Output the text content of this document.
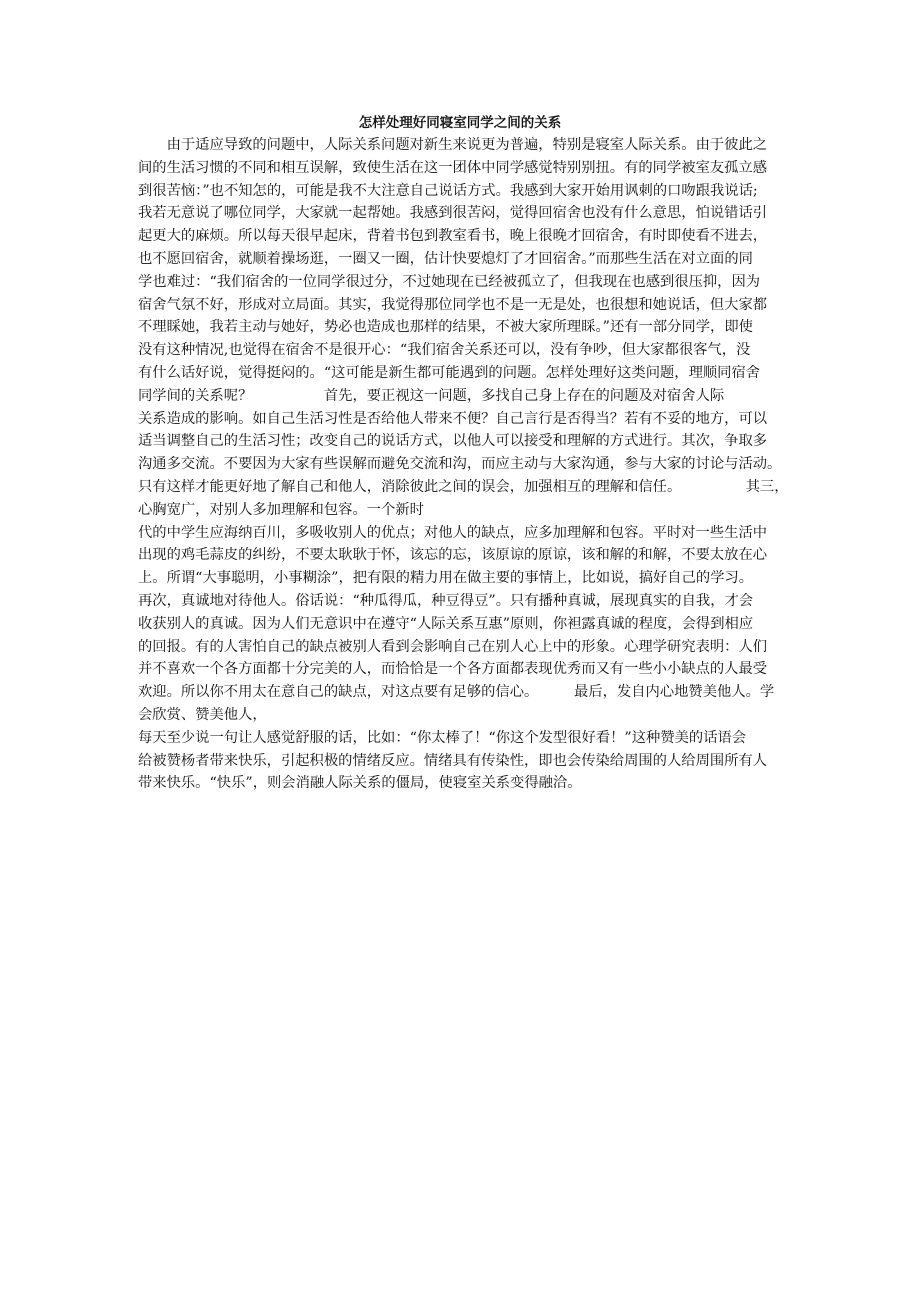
怎样处理好同寝室同学之间的关系
　　由于适应导致的问题中，人际关系问题对新生来说更为普遍，特别是寝室人际关系。由于彼此之
间的生活习惯的不同和相互误解，致使生活在这一团体中同学感觉特别别扭。有的同学被室友孤立感
到很苦恼：”也不知怎的，可能是我不大注意自己说话方式。我感到大家开始用讽刺的口吻跟我说话;
我若无意说了哪位同学，大家就一起帮她。我感到很苦闷，觉得回宿舍也没有什么意思，怕说错话引
起更大的麻烦。所以每天很早起床，背着书包到教室看书，晚上很晚才回宿舍，有时即使看不进去，
也不愿回宿舍，就顺着操场逛，一圈又一圈，估计快要熄灯了才回宿舍。”而那些生活在对立面的同
学也难过：“我们宿舍的一位同学很过分，不过她现在已经被孤立了，但我现在也感到很压抑，因为
宿舍气氛不好，形成对立局面。其实，我觉得那位同学也不是一无是处，也很想和她说话，但大家都
不理睬她，我若主动与她好，势必也造成也那样的结果，不被大家所理睬。”还有一部分同学，即使
没有这种情况,也觉得在宿舍不是很开心：“我们宿舍关系还可以，没有争吵，但大家都很客气，没
有什么话好说，觉得挺闷的。“这可能是新生都可能遇到的问题。怎样处理好这类问题，理顺同宿舍
同学间的关系呢？　　　　　首先，要正视这一问题，多找自己身上存在的问题及对宿舍人际
关系造成的影响。如自己生活习性是否给他人带来不便？自己言行是否得当？若有不妥的地方，可以
适当调整自己的生活习性；改变自己的说话方式，以他人可以接受和理解的方式进行。其次，争取多
沟通多交流。不要因为大家有些误解而避免交流和沟，而应主动与大家沟通，参与大家的讨论与活动。
只有这样才能更好地了解自己和他人，消除彼此之间的误会，加强相互的理解和信任。　　　　　其三，
心胸宽广，对别人多加理解和包容。一个新时
代的中学生应海纳百川，多吸收别人的优点；对他人的缺点，应多加理解和包容。平时对一些生活中
出现的鸡毛蒜皮的纠纷，不要太耿耿于怀，该忘的忘，该原谅的原谅，该和解的和解，不要太放在心
上。所谓“大事聪明，小事糊涂”，把有限的精力用在做主要的事情上，比如说，搞好自己的学习。
再次，真诚地对待他人。俗话说：“种瓜得瓜，种豆得豆”。只有播种真诚，展现真实的自我，才会
收获别人的真诚。因为人们无意识中在遵守“人际关系互惠”原则，你袒露真诚的程度，会得到相应
的回报。有的人害怕自己的缺点被别人看到会影响自己在别人心上中的形象。心理学研究表明：人们
并不喜欢一个各方面都十分完美的人，而恰恰是一个各方面都表现优秀而又有一些小小缺点的人最受
欢迎。所以你不用太在意自己的缺点，对这点要有足够的信心。　　　最后，发自内心地赞美他人。学
会欣赏、赞美他人，
每天至少说一句让人感觉舒服的话，比如：“你太棒了！“你这个发型很好看！”这种赞美的话语会
给被赞杨者带来快乐，引起积极的情绪反应。情绪具有传染性，即也会传染给周围的人给周围所有人
带来快乐。“快乐”，则会消融人际关系的僵局，使寝室关系变得融洽。
